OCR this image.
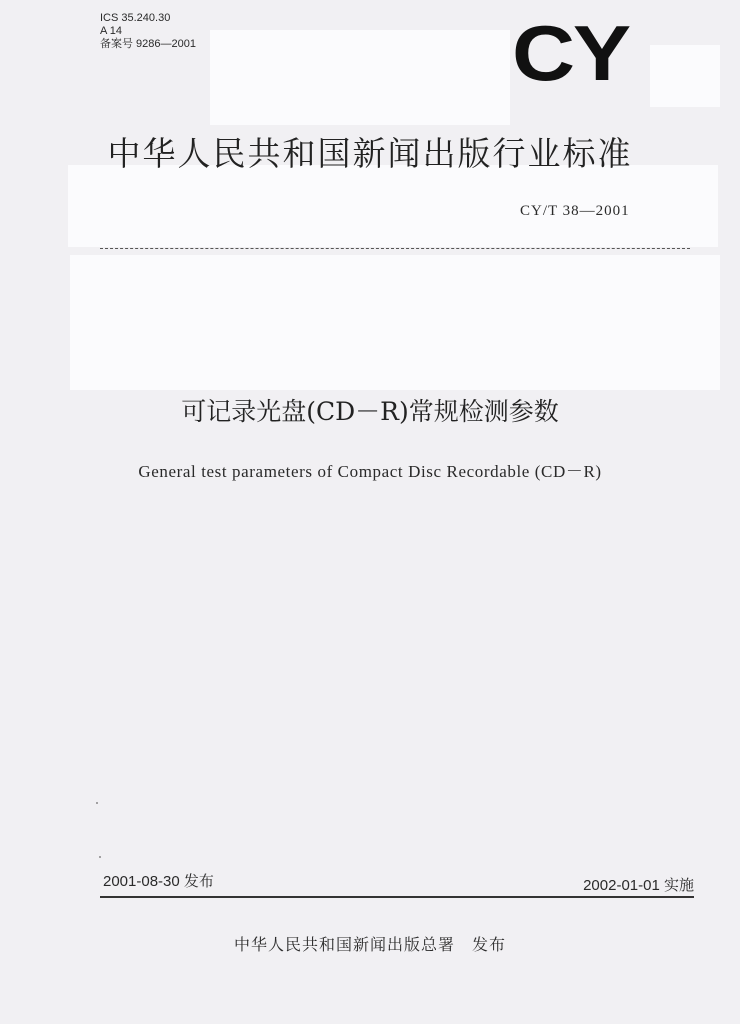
ICS 35.240.30
A 14
备案号 9286—2001	CY
中华人民共和国新闻出版行业标准
CY/T 38—2001
可记录光盘(CD－R)常规检测参数
General test parameters of Compact Disc Recordable (CD－R)
2001-08-30 发布	2002-01-01 实施
中华人民共和国新闻出版总署　发布
